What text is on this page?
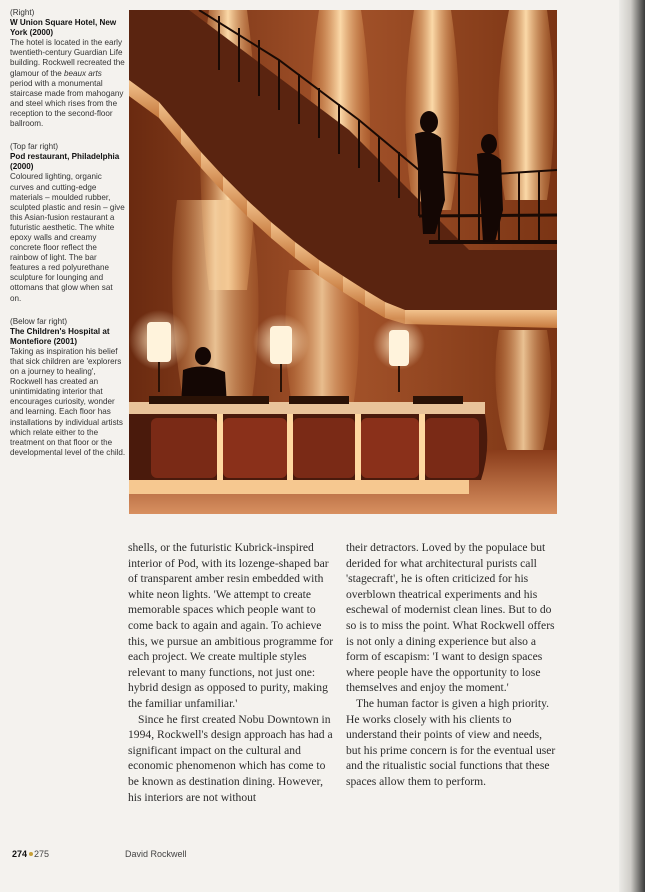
(Right)
W Union Square Hotel, New York (2000)
The hotel is located in the early twentieth-century Guardian Life building. Rockwell recreated the glamour of the beaux arts period with a monumental staircase made from mahogany and steel which rises from the reception to the second-floor ballroom.
(Top far right)
Pod restaurant, Philadelphia (2000)
Coloured lighting, organic curves and cutting-edge materials – moulded rubber, sculpted plastic and resin – give this Asian-fusion restaurant a futuristic aesthetic. The white epoxy walls and creamy concrete floor reflect the rainbow of light. The bar features a red polyurethane sculpture for lounging and ottomans that glow when sat on.
(Below far right)
The Children's Hospital at Montefiore (2001)
Taking as inspiration his belief that sick children are 'explorers on a journey to healing', Rockwell has created an unintimidating interior that encourages curiosity, wonder and learning. Each floor has installations by individual artists which relate either to the treatment on that floor or the developmental level of the child.

shells, or the futuristic Kubrick-inspired interior of Pod, with its lozenge-shaped bar of transparent amber resin embedded with white neon lights. 'We attempt to create memorable spaces which people want to come back to again and again. To achieve this, we pursue an ambitious programme for each project. We create multiple styles relevant to many functions, not just one: hybrid design as opposed to purity, making the familiar unfamiliar.'

Since he first created Nobu Downtown in 1994, Rockwell's design approach has had a significant impact on the cultural and economic phenomenon which has come to be known as destination dining. However, his interiors are not without

their detractors. Loved by the populace but derided for what architectural purists call 'stagecraft', he is often criticized for his overblown theatrical experiments and his eschewal of modernist clean lines. But to do so is to miss the point. What Rockwell offers is not only a dining experience but also a form of escapism: 'I want to design spaces where people have the opportunity to lose themselves and enjoy the moment.'

The human factor is given a high priority. He works closely with his clients to understand their points of view and needs, but his prime concern is for the eventual user and the ritualistic social functions that these spaces allow them to perform.

274 275	David Rockwell
